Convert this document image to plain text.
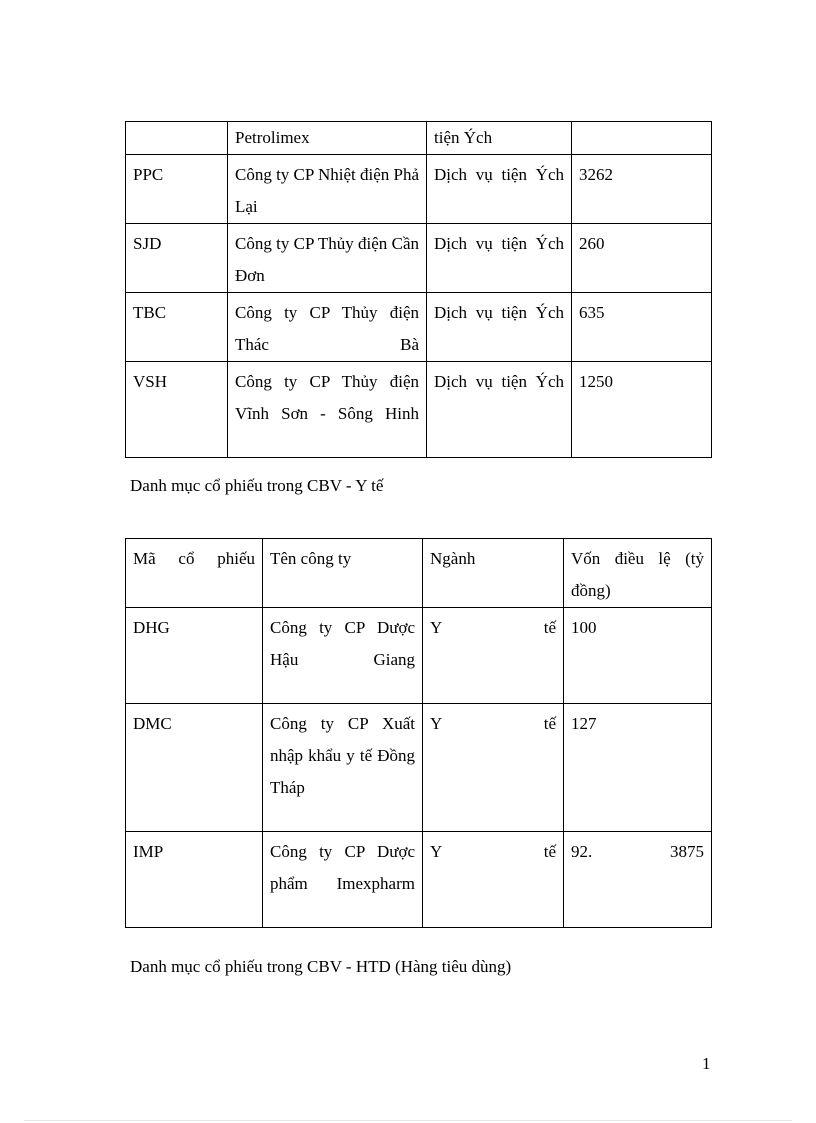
	Petrolimex	tiện Ých	
PPC	Công ty CP Nhiệt điện Phả Lại	Dịch vụ tiện Ých	3262
SJD	Công ty CP Thủy điện Cần Đơn	Dịch vụ tiện Ých	260
TBC	Công ty CP Thủy điện Thác Bà	Dịch vụ tiện Ých	635
VSH	Công ty CP Thủy điện Vĩnh Sơn - Sông Hinh	Dịch vụ tiện Ých	1250
Danh mục cổ phiếu trong CBV - Y tế
Mã cổ phiếu	Tên công ty	Ngành	Vốn điều lệ (tỷ đồng)
DHG	Công ty CP Dược Hậu Giang	Y tế	100
DMC	Công ty CP Xuất nhập khẩu y tế Đồng Tháp	Y tế	127
IMP	Công ty CP Dược phẩm Imexpharm	Y tế	92. 3875
Danh mục cổ phiếu trong CBV - HTD (Hàng tiêu dùng)
1
